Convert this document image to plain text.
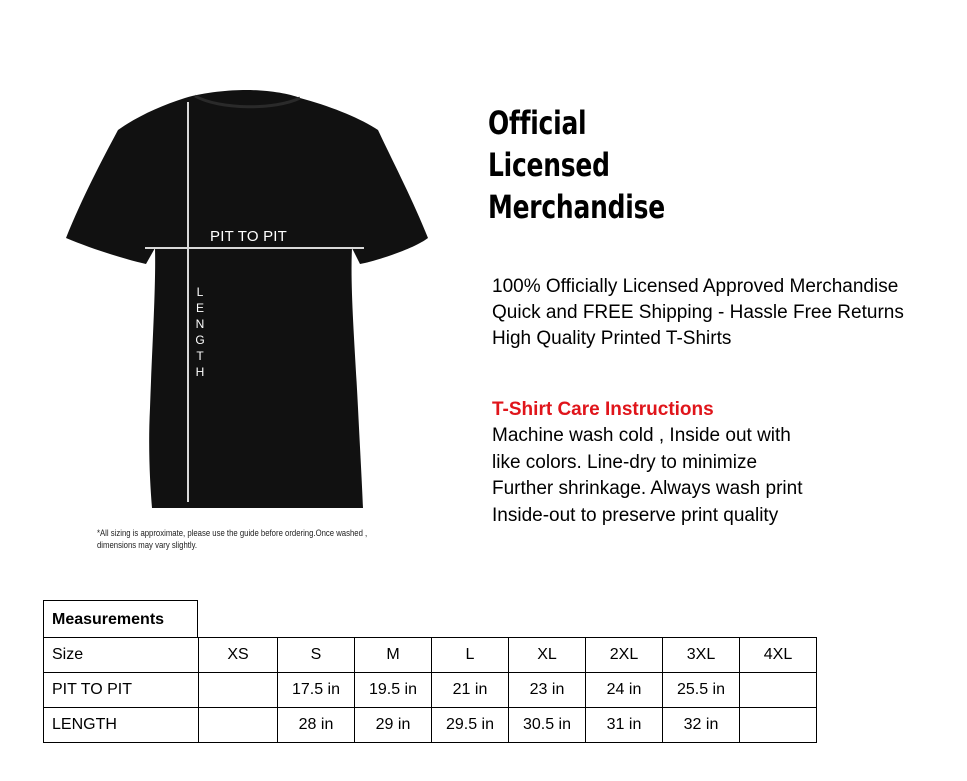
PIT TO PIT
LENGTH
*All sizing is approximate, please use the guide before ordering.Once washed , dimensions may vary slightly.
Official
Licensed
Merchandise
100% Officially Licensed Approved Merchandise
Quick and FREE Shipping - Hassle Free Returns
High Quality Printed T-Shirts
T-Shirt Care Instructions
Machine wash cold , Inside out with
like colors. Line-dry to minimize
Further shrinkage. Always wash print
Inside-out to preserve print quality
Measurements
Size	XS	S	M	L	XL	2XL	3XL	4XL
PIT TO PIT		17.5 in	19.5 in	21 in	23 in	24 in	25.5 in	
LENGTH		28 in	29 in	29.5 in	30.5 in	31 in	32 in	
